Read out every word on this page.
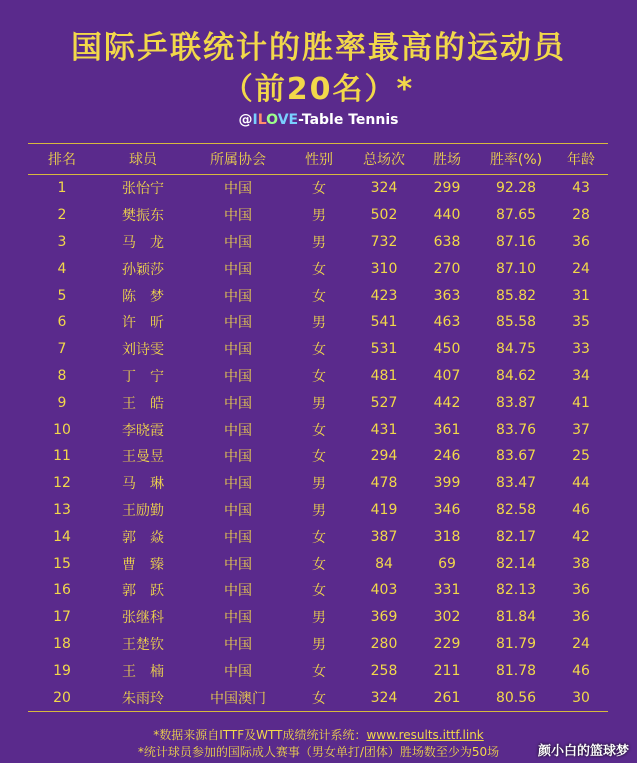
国际乒联统计的胜率最高的运动员
（前20名）*
@ILOVE-Table Tennis
排名	球员	所属协会	性别	总场次	胜场	胜率(%)	年龄
1	张怡宁	中国	女	324	299	92.28	43
2	樊振东	中国	男	502	440	87.65	28
3	马　龙	中国	男	732	638	87.16	36
4	孙颖莎	中国	女	310	270	87.10	24
5	陈　梦	中国	女	423	363	85.82	31
6	许　昕	中国	男	541	463	85.58	35
7	刘诗雯	中国	女	531	450	84.75	33
8	丁　宁	中国	女	481	407	84.62	34
9	王　皓	中国	男	527	442	83.87	41
10	李晓霞	中国	女	431	361	83.76	37
11	王曼昱	中国	女	294	246	83.67	25
12	马　琳	中国	男	478	399	83.47	44
13	王励勤	中国	男	419	346	82.58	46
14	郭　焱	中国	女	387	318	82.17	42
15	曹　臻	中国	女	84	69	82.14	38
16	郭　跃	中国	女	403	331	82.13	36
17	张继科	中国	男	369	302	81.84	36
18	王楚钦	中国	男	280	229	81.79	24
19	王　楠	中国	女	258	211	81.78	46
20	朱雨玲	中国澳门	女	324	261	80.56	30
*数据来源自ITTF及WTT成绩统计系统：www.results.ittf.link
*统计球员参加的国际成人赛事（男女单打/团体）胜场数至少为50场	颜小白的篮球梦
